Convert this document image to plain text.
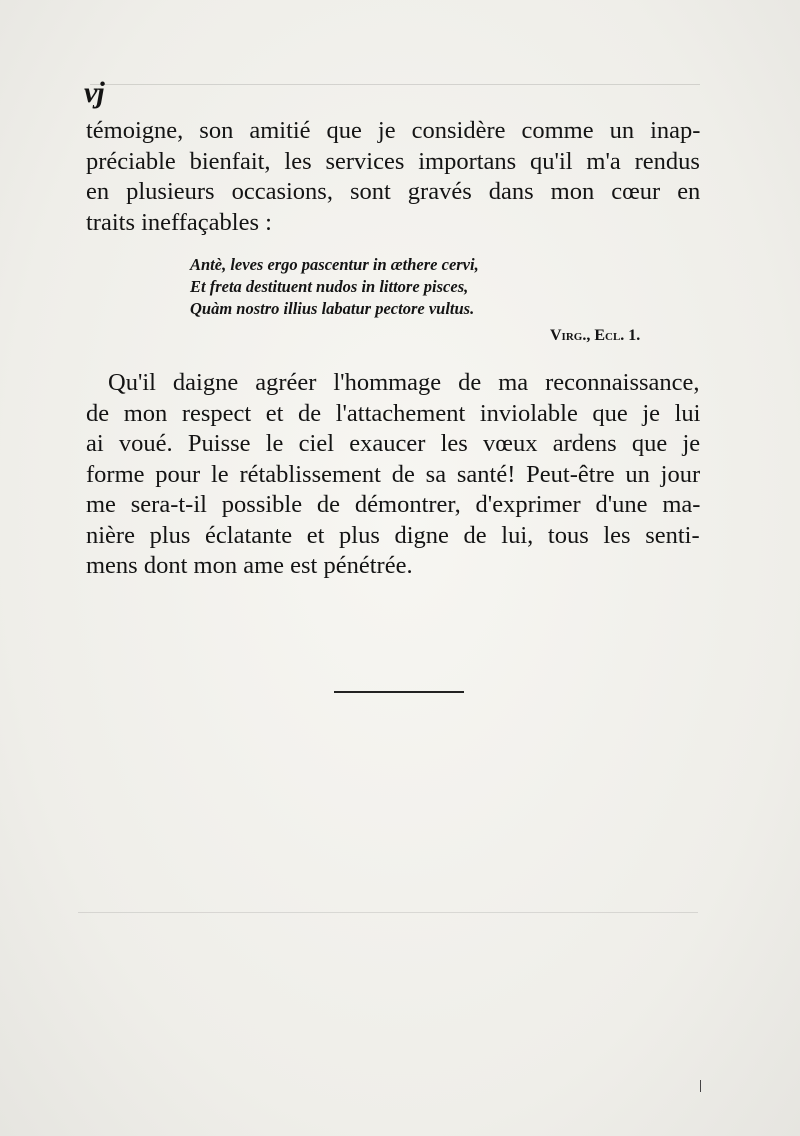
vj
témoigne, son amitié que je considère comme un inap-
préciable bienfait, les services importans qu'il m'a rendus
en plusieurs occasions, sont gravés dans mon cœur en
traits ineffaçables :
Antè, leves ergo pascentur in æthere cervi,
Et freta destituent nudos in littore pisces,
Quàm nostro illius labatur pectore vultus.
Virg., Ecl. 1.
Qu'il daigne agréer l'hommage de ma reconnaissance,
de mon respect et de l'attachement inviolable que je lui
ai voué. Puisse le ciel exaucer les vœux ardens que je
forme pour le rétablissement de sa santé! Peut-être un jour
me sera-t-il possible de démontrer, d'exprimer d'une ma-
nière plus éclatante et plus digne de lui, tous les senti-
mens dont mon ame est pénétrée.
